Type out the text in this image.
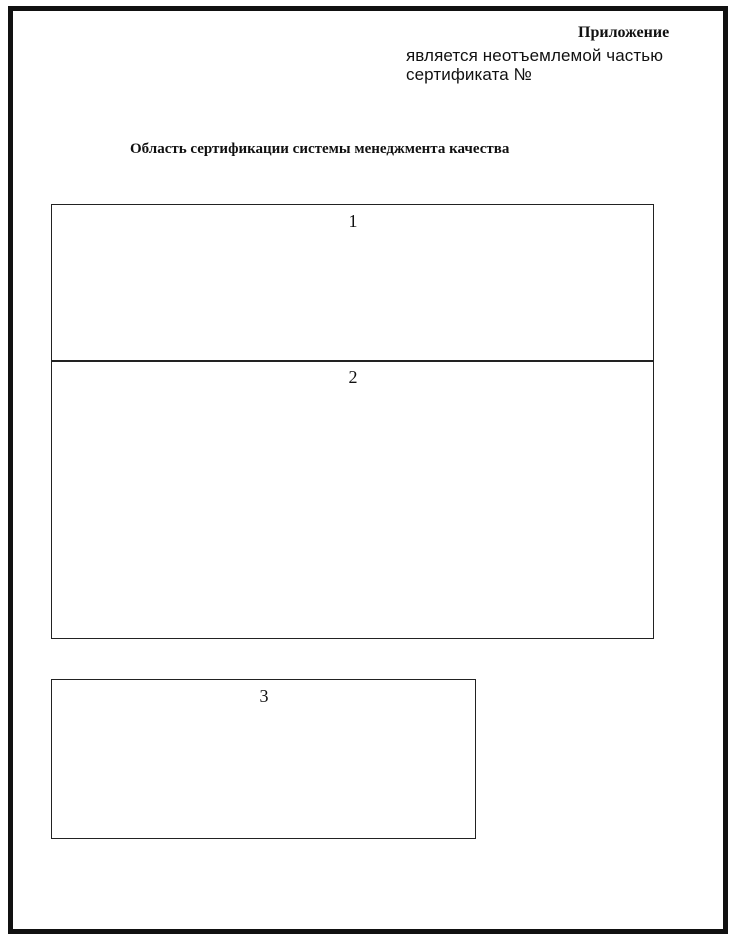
Приложение
является неотъемлемой частью
сертификата №
Область сертификации системы менеджмента качества
1
2
3
